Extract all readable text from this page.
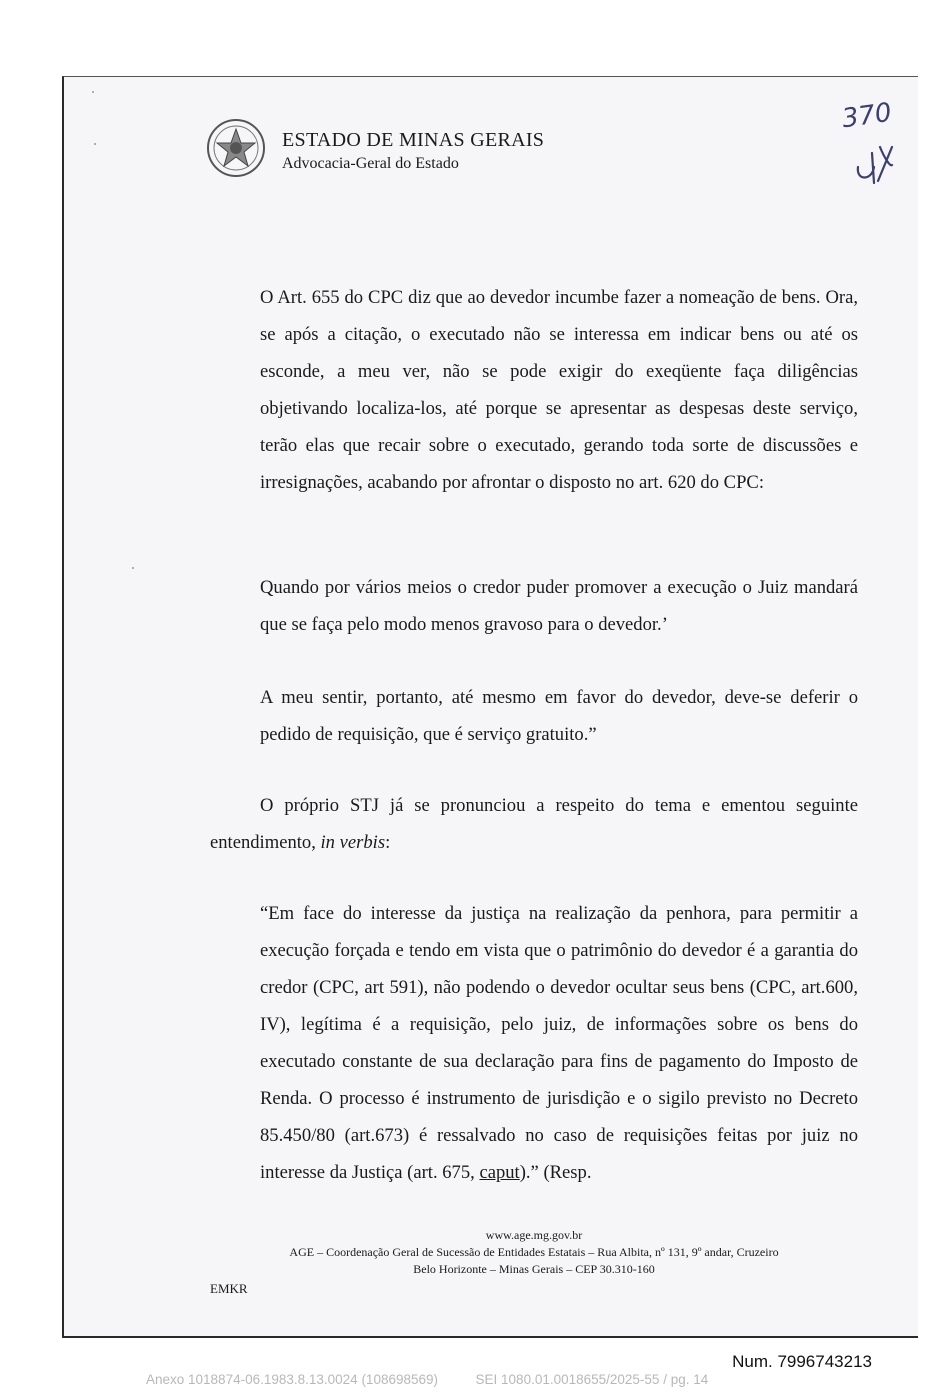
ESTADO DE MINAS GERAIS
Advocacia-Geral do Estado
370

O Art. 655 do CPC diz que ao devedor incumbe fazer a nomeação de bens. Ora, se após a citação, o executado não se interessa em indicar bens ou até os esconde, a meu ver, não se pode exigir do exeqüente faça diligências objetivando localiza-los, até porque se apresentar as despesas deste serviço, terão elas que recair sobre o executado, gerando toda sorte de discussões e irresignações, acabando por afrontar o disposto no art. 620 do CPC:

Quando por vários meios o credor puder promover a execução o Juiz mandará que se faça pelo modo menos gravoso para o devedor.’

A meu sentir, portanto, até mesmo em favor do devedor, deve-se deferir o pedido de requisição, que é serviço gratuito.”

O próprio STJ já se pronunciou a respeito do tema e ementou seguinte entendimento, in verbis:

“Em face do interesse da justiça na realização da penhora, para permitir a execução forçada e tendo em vista que o patrimônio do devedor é a garantia do credor (CPC, art 591), não podendo o devedor ocultar seus bens (CPC, art.600, IV), legítima é a requisição, pelo juiz, de informações sobre os bens do executado constante de sua declaração para fins de pagamento do Imposto de Renda. O processo é instrumento de jurisdição e o sigilo previsto no Decreto 85.450/80 (art.673) é ressalvado no caso de requisições feitas por juiz no interesse da Justiça (art. 675, caput).” (Resp.

www.age.mg.gov.br
AGE – Coordenação Geral de Sucessão de Entidades Estatais – Rua Albita, nº 131, 9º andar, Cruzeiro
Belo Horizonte – Minas Gerais – CEP 30.310-160
EMKR
Num. 7996743213
Anexo 1018874-06.1983.8.13.0024 (108698569)	SEI 1080.01.0018655/2025-55 / pg. 14
